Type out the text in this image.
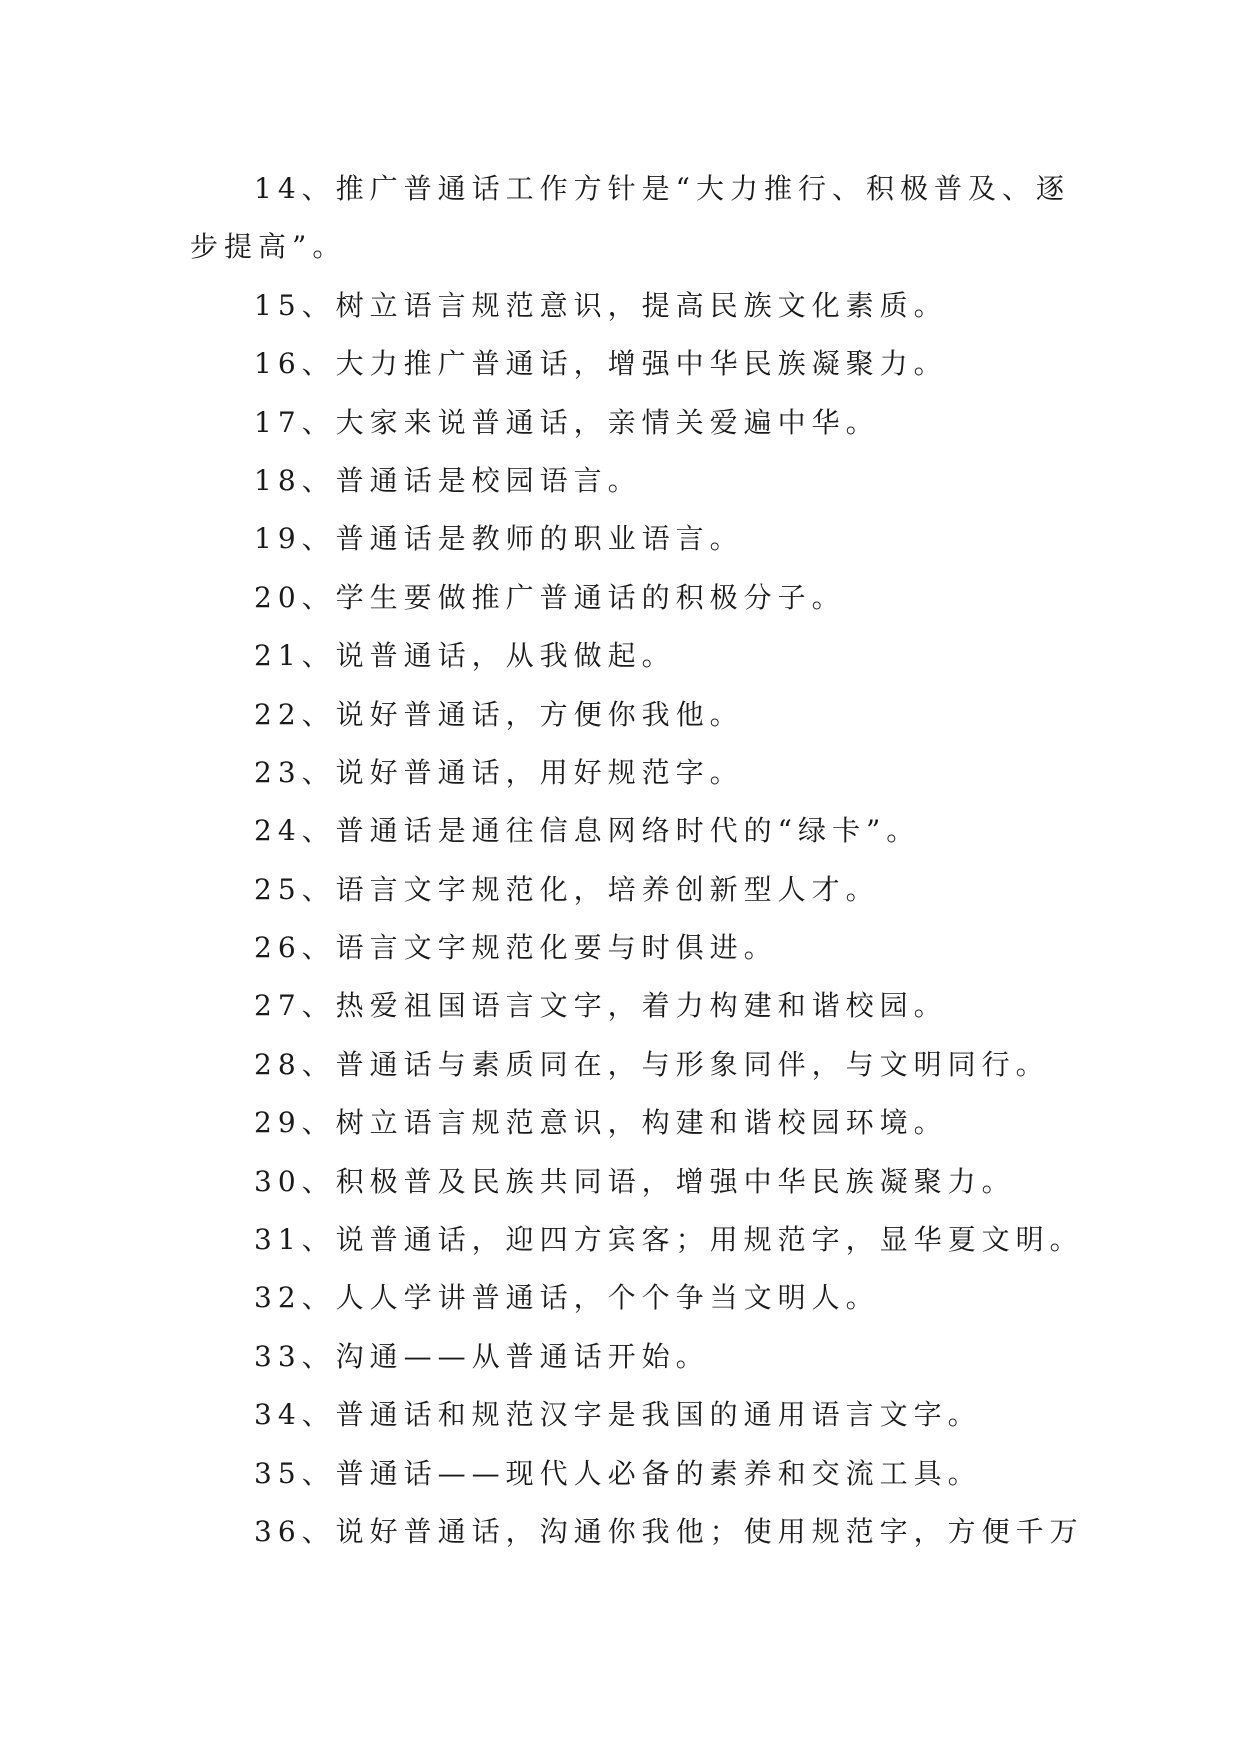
14、推广普通话工作方针是“大力推行、积极普及、逐
步提高”。
15、树立语言规范意识，提高民族文化素质。
16、大力推广普通话，增强中华民族凝聚力。
17、大家来说普通话，亲情关爱遍中华。
18、普通话是校园语言。
19、普通话是教师的职业语言。
20、学生要做推广普通话的积极分子。
21、说普通话，从我做起。
22、说好普通话，方便你我他。
23、说好普通话，用好规范字。
24、普通话是通往信息网络时代的“绿卡”。
25、语言文字规范化，培养创新型人才。
26、语言文字规范化要与时俱进。
27、热爱祖国语言文字，着力构建和谐校园。
28、普通话与素质同在，与形象同伴，与文明同行。
29、树立语言规范意识，构建和谐校园环境。
30、积极普及民族共同语，增强中华民族凝聚力。
31、说普通话，迎四方宾客；用规范字，显华夏文明。
32、人人学讲普通话，个个争当文明人。
33、沟通——从普通话开始。
34、普通话和规范汉字是我国的通用语言文字。
35、普通话——现代人必备的素养和交流工具。
36、说好普通话，沟通你我他；使用规范字，方便千万
